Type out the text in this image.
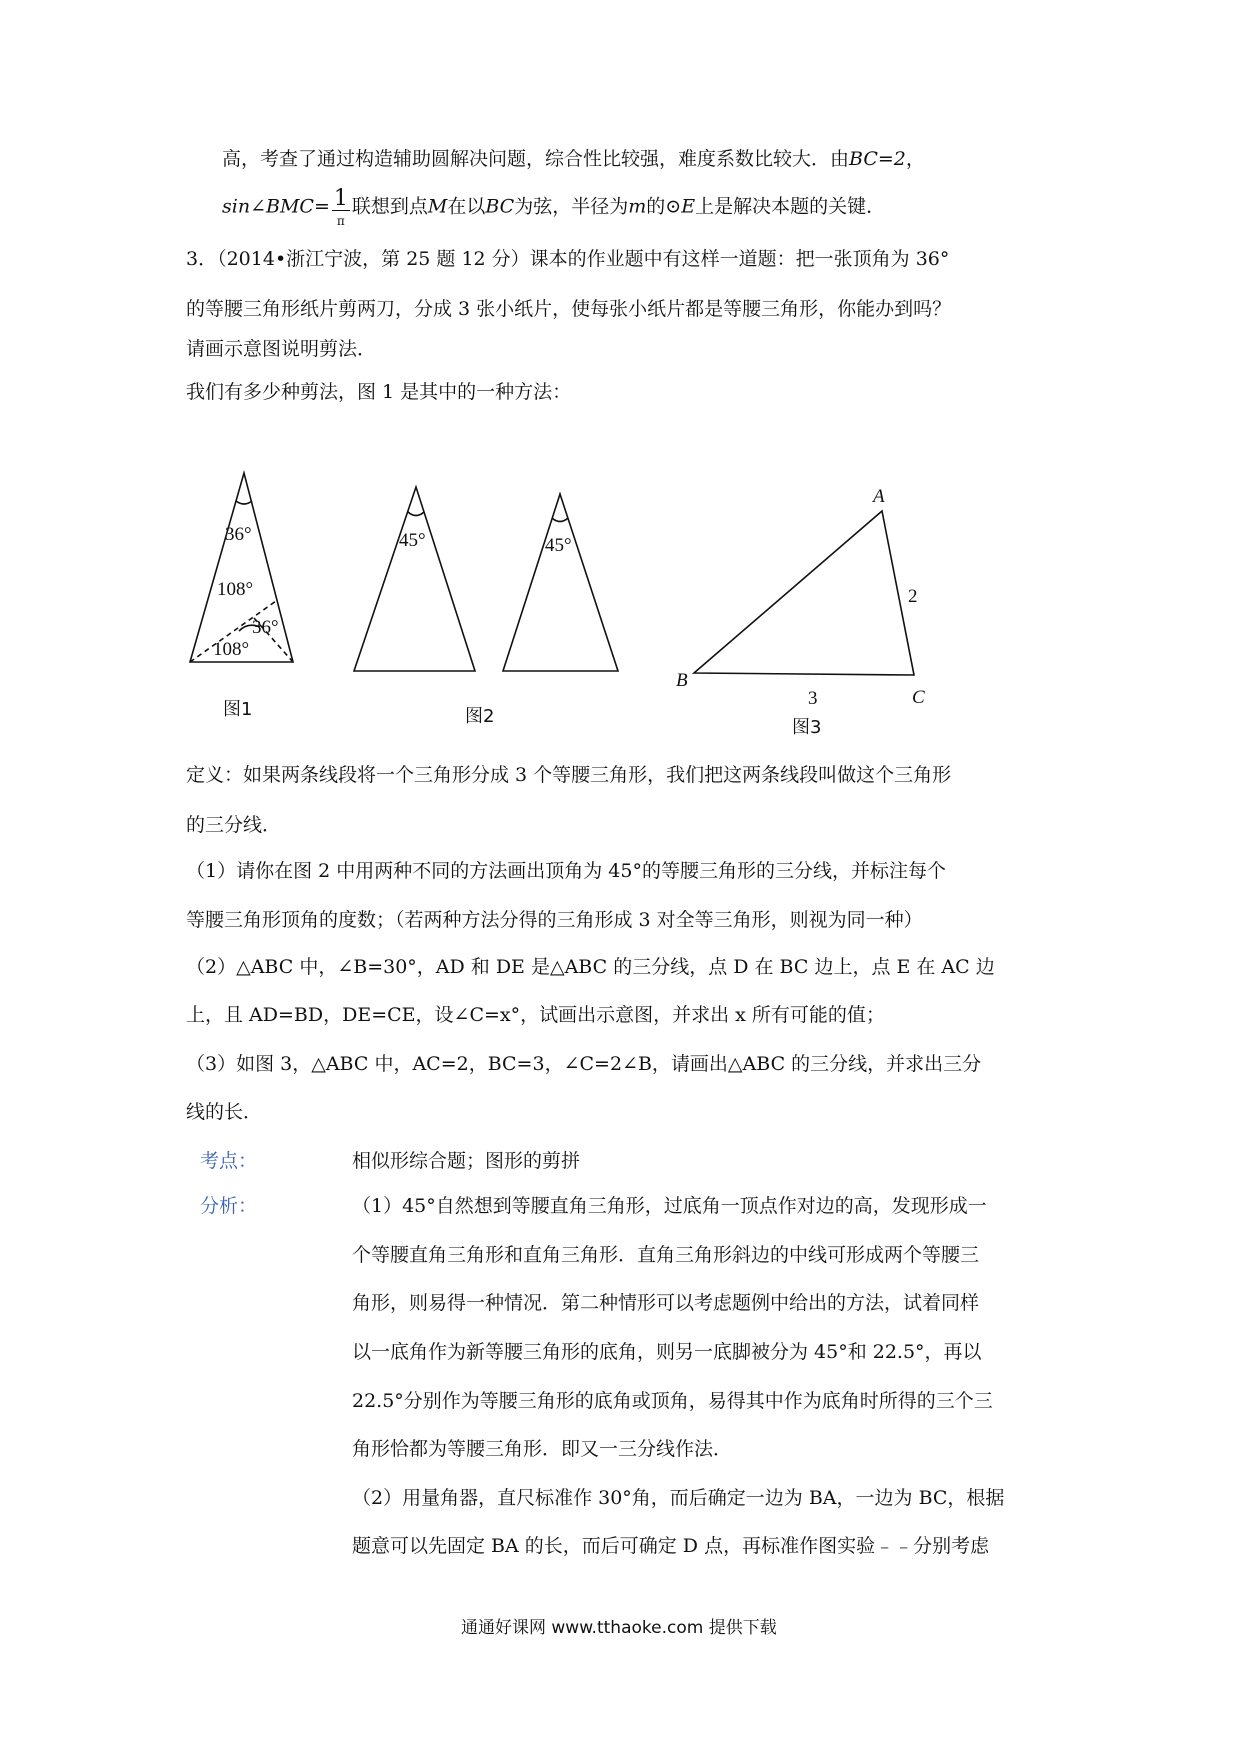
高，考查了通过构造辅助圆解决问题，综合性比较强，难度系数比较大．由BC=2，
sin∠BMC= $\frac{1}{\pi}$ 联想到点M在以BC为弦，半径为m的⊙E上是解决本题的关键．
3．（2014•浙江宁波，第 25 题 12 分）课本的作业题中有这样一道题：把一张顶角为 36°
的等腰三角形纸片剪两刀，分成 3 张小纸片，使每张小纸片都是等腰三角形，你能办到吗？
请画示意图说明剪法．
我们有多少种剪法，图 1 是其中的一种方法：
36°
108°
36°
108°
图1
45°	45°
图2
A
B
C
2
3
图3
定义：如果两条线段将一个三角形分成 3 个等腰三角形，我们把这两条线段叫做这个三角形
的三分线．
（1）请你在图 2 中用两种不同的方法画出顶角为 45°的等腰三角形的三分线，并标注每个
等腰三角形顶角的度数；（若两种方法分得的三角形成 3 对全等三角形，则视为同一种）
（2）△ABC 中，∠B=30°，AD 和 DE 是△ABC 的三分线，点 D 在 BC 边上，点 E 在 AC 边
上，且 AD=BD，DE=CE，设∠C=x°，试画出示意图，并求出 x 所有可能的值；
（3）如图 3，△ABC 中，AC=2，BC=3，∠C=2∠B，请画出△ABC 的三分线，并求出三分
线的长．
考点：	相似形综合题；图形的剪拼
分析：	（1）45°自然想到等腰直角三角形，过底角一顶点作对边的高，发现形成一
个等腰直角三角形和直角三角形．直角三角形斜边的中线可形成两个等腰三
角形，则易得一种情况．第二种情形可以考虑题例中给出的方法，试着同样
以一底角作为新等腰三角形的底角，则另一底脚被分为 45°和 22.5°，再以
22.5°分别作为等腰三角形的底角或顶角，易得其中作为底角时所得的三个三
角形恰都为等腰三角形．即又一三分线作法．
（2）用量角器，直尺标准作 30°角，而后确定一边为 BA，一边为 BC，根据
题意可以先固定 BA 的长，而后可确定 D 点，再标准作图实验﹣﹣分别考虑
通通好课网 www.tthaoke.com 提供下载
